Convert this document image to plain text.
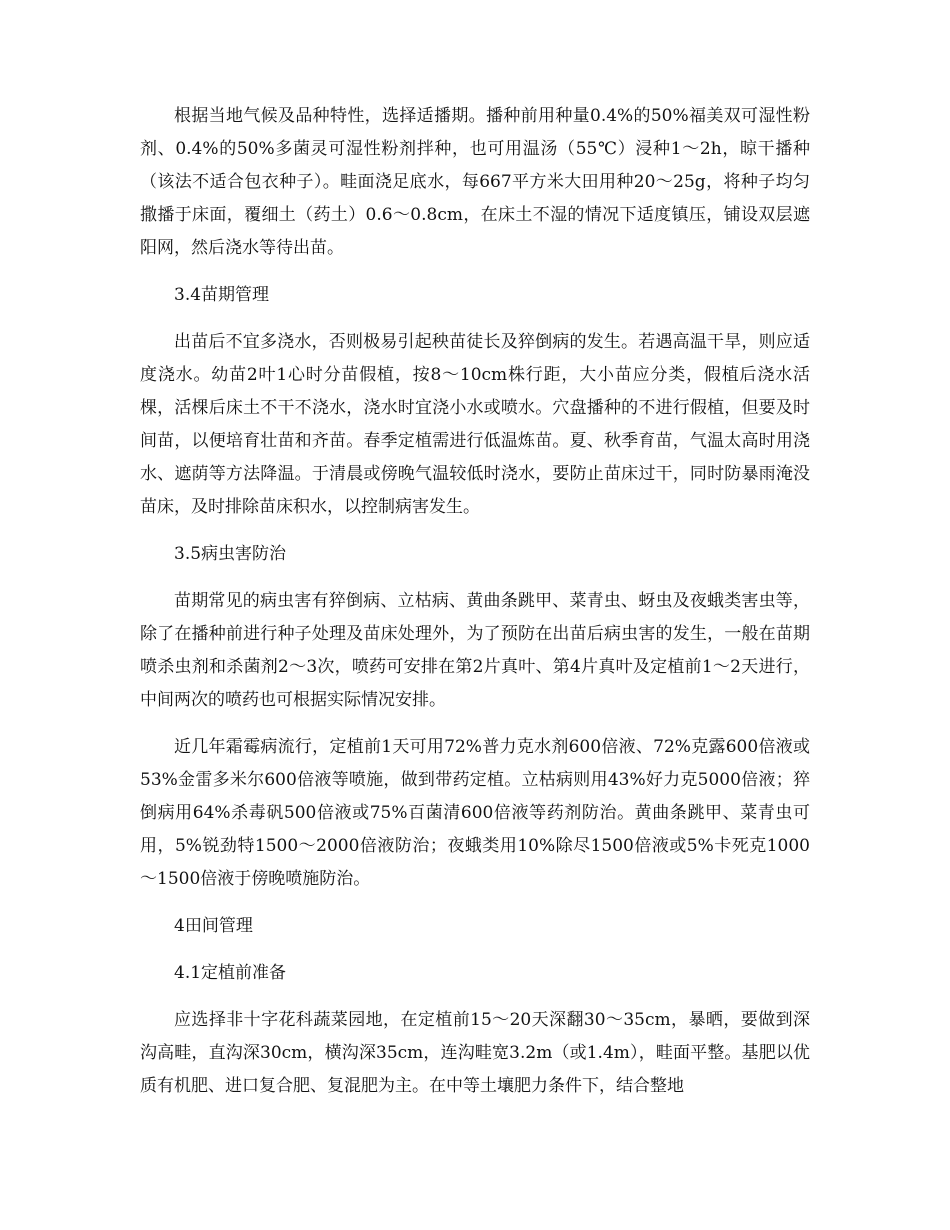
根据当地气候及品种特性，选择适播期。播种前用种量0.4%的50%福美双可湿性粉剂、0.4%的50%多菌灵可湿性粉剂拌种，也可用温汤（55℃）浸种1～2h，晾干播种（该法不适合包衣种子）。畦面浇足底水，每667平方米大田用种20～25g，将种子均匀撒播于床面，覆细土（药土）0.6～0.8cm，在床土不湿的情况下适度镇压，铺设双层遮阳网，然后浇水等待出苗。

3.4苗期管理

出苗后不宜多浇水，否则极易引起秧苗徒长及猝倒病的发生。若遇高温干旱，则应适度浇水。幼苗2叶1心时分苗假植，按8～10cm株行距，大小苗应分类，假植后浇水活棵，活棵后床土不干不浇水，浇水时宜浇小水或喷水。穴盘播种的不进行假植，但要及时间苗，以便培育壮苗和齐苗。春季定植需进行低温炼苗。夏、秋季育苗，气温太高时用浇水、遮荫等方法降温。于清晨或傍晚气温较低时浇水，要防止苗床过干，同时防暴雨淹没苗床，及时排除苗床积水，以控制病害发生。

3.5病虫害防治

苗期常见的病虫害有猝倒病、立枯病、黄曲条跳甲、菜青虫、蚜虫及夜蛾类害虫等，除了在播种前进行种子处理及苗床处理外，为了预防在出苗后病虫害的发生，一般在苗期喷杀虫剂和杀菌剂2～3次，喷药可安排在第2片真叶、第4片真叶及定植前1～2天进行，中间两次的喷药也可根据实际情况安排。

近几年霜霉病流行，定植前1天可用72%普力克水剂600倍液、72%克露600倍液或53%金雷多米尔600倍液等喷施，做到带药定植。立枯病则用43%好力克5000倍液；猝倒病用64%杀毒矾500倍液或75%百菌清600倍液等药剂防治。黄曲条跳甲、菜青虫可用，5%锐劲特1500～2000倍液防治；夜蛾类用10%除尽1500倍液或5%卡死克1000～1500倍液于傍晚喷施防治。

4田间管理

4.1定植前准备

应选择非十字花科蔬菜园地，在定植前15～20天深翻30～35cm，暴晒，要做到深沟高畦，直沟深30cm，横沟深35cm，连沟畦宽3.2m（或1.4m），畦面平整。基肥以优质有机肥、进口复合肥、复混肥为主。在中等土壤肥力条件下，结合整地
